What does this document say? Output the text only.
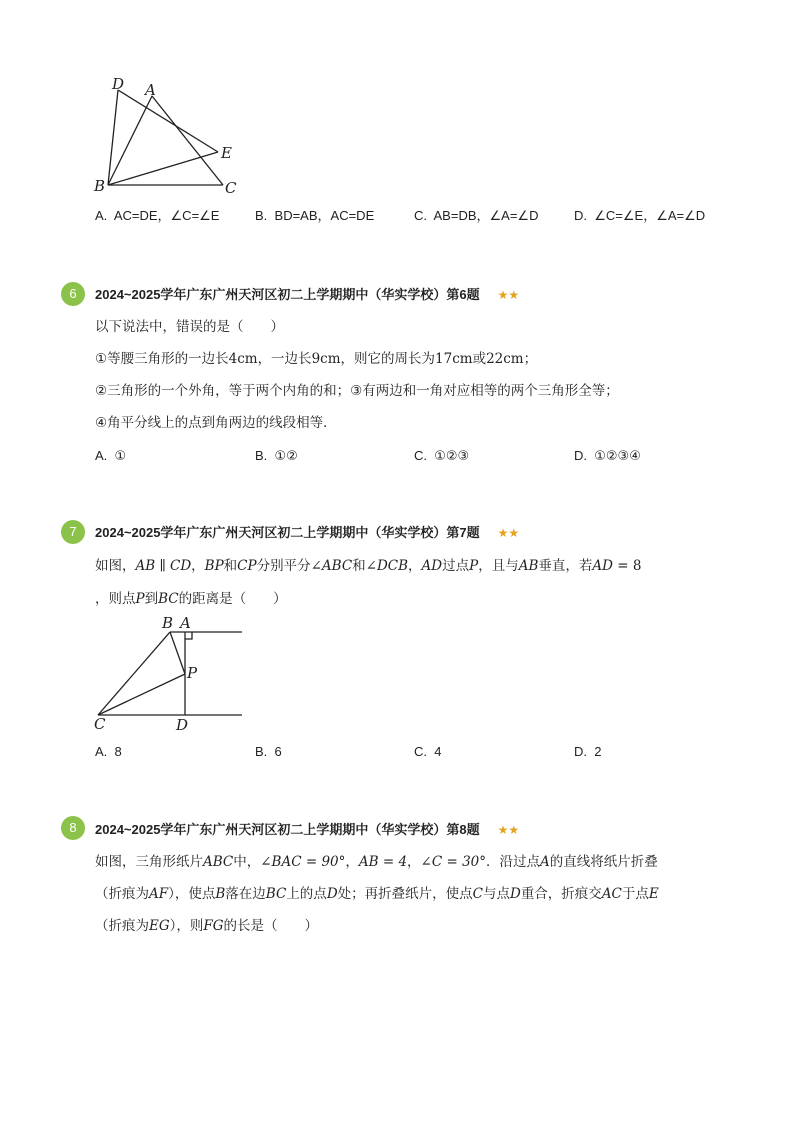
D A
E
B	C
A. AC=DE，∠C=∠E	B. BD=AB，AC=DE	C. AB=DB，∠A=∠D	D. ∠C=∠E，∠A=∠D
6	2024~2025学年广东广州天河区初二上学期期中（华实学校）第6题 ★★
以下说法中，错误的是（　　）
①等腰三角形的一边长4cm，一边长9cm，则它的周长为17cm或22cm；
②三角形的一个外角，等于两个内角的和；③有两边和一角对应相等的两个三角形全等；
④角平分线上的点到角两边的线段相等．
A. ①	B. ①②	C. ①②③	D. ①②③④
7	2024~2025学年广东广州天河区初二上学期期中（华实学校）第7题 ★★
如图，AB ∥ CD，BP和CP分别平分∠ABC和∠DCB，AD过点P，且与AB垂直，若AD = 8
，则点P到BC的距离是（　　）
B A
P
C	D
A. 8	B. 6	C. 4	D. 2
8	2024~2025学年广东广州天河区初二上学期期中（华实学校）第8题 ★★
如图，三角形纸片ABC中，∠BAC = 90°，AB = 4，∠C = 30°．沿过点A的直线将纸片折叠
（折痕为AF），使点B落在边BC上的点D处；再折叠纸片，使点C与点D重合，折痕交AC于点E
（折痕为EG），则FG的长是（　　）
